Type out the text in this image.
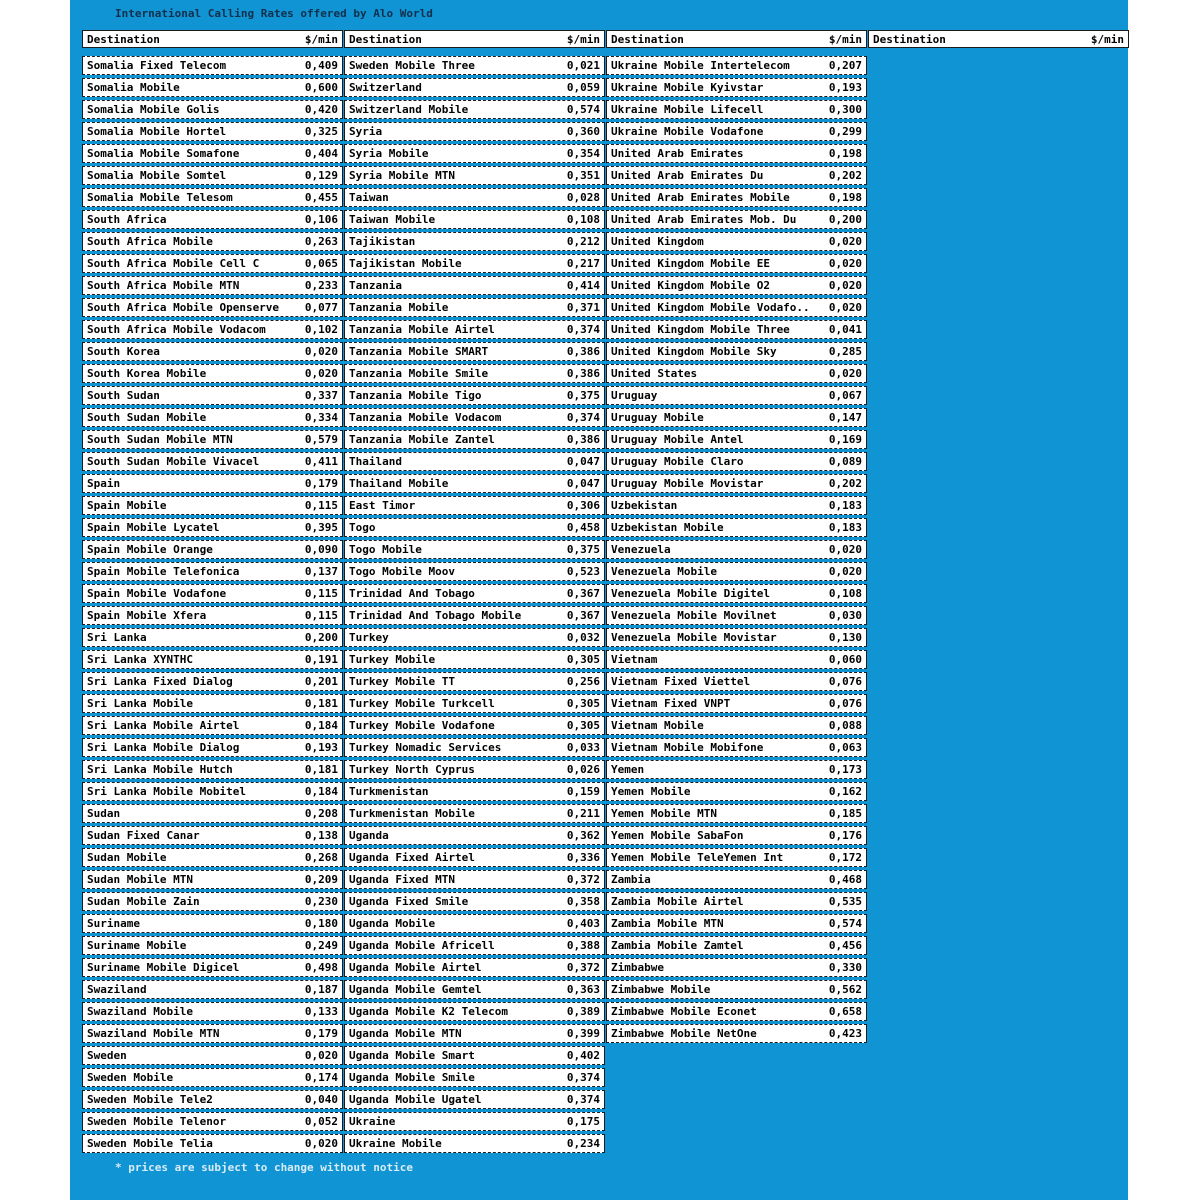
International Calling Rates offered by Alo World
Destination	$/min
Somalia Fixed Telecom	0,409
Somalia Mobile	0,600
Somalia Mobile Golis	0,420
Somalia Mobile Hortel	0,325
Somalia Mobile Somafone	0,404
Somalia Mobile Somtel	0,129
Somalia Mobile Telesom	0,455
South Africa	0,106
South Africa Mobile	0,263
South Africa Mobile Cell C	0,065
South Africa Mobile MTN	0,233
South Africa Mobile Openserve 0,077
South Africa Mobile Vodacom	0,102
South Korea	0,020
South Korea Mobile	0,020
South Sudan	0,337
South Sudan Mobile	0,334
South Sudan Mobile MTN	0,579
South Sudan Mobile Vivacel	0,411
Spain	0,179
Spain Mobile	0,115
Spain Mobile Lycatel	0,395
Spain Mobile Orange	0,090
Spain Mobile Telefonica	0,137
Spain Mobile Vodafone	0,115
Spain Mobile Xfera	0,115
Sri Lanka	0,200
Sri Lanka XYNTHC	0,191
Sri Lanka Fixed Dialog	0,201
Sri Lanka Mobile	0,181
Sri Lanka Mobile Airtel	0,184
Sri Lanka Mobile Dialog	0,193
Sri Lanka Mobile Hutch	0,181
Sri Lanka Mobile Mobitel	0,184
Sudan	0,208
Sudan Fixed Canar	0,138
Sudan Mobile	0,268
Sudan Mobile MTN	0,209
Sudan Mobile Zain	0,230
Suriname	0,180
Suriname Mobile	0,249
Suriname Mobile Digicel	0,498
Swaziland	0,187
Swaziland Mobile	0,133
Swaziland Mobile MTN	0,179
Sweden	0,020
Sweden Mobile	0,174
Sweden Mobile Tele2	0,040
Sweden Mobile Telenor	0,052
Sweden Mobile Telia	0,020
Destination	$/min
Sweden Mobile Three	0,021
Switzerland	0,059
Switzerland Mobile	0,574
Syria	0,360
Syria Mobile	0,354
Syria Mobile MTN	0,351
Taiwan	0,028
Taiwan Mobile	0,108
Tajikistan	0,212
Tajikistan Mobile	0,217
Tanzania	0,414
Tanzania Mobile	0,371
Tanzania Mobile Airtel	0,374
Tanzania Mobile SMART	0,386
Tanzania Mobile Smile	0,386
Tanzania Mobile Tigo	0,375
Tanzania Mobile Vodacom	0,374
Tanzania Mobile Zantel	0,386
Thailand	0,047
Thailand Mobile	0,047
East Timor	0,306
Togo	0,458
Togo Mobile	0,375
Togo Mobile Moov	0,523
Trinidad And Tobago	0,367
Trinidad And Tobago Mobile	0,367
Turkey	0,032
Turkey Mobile	0,305
Turkey Mobile TT	0,256
Turkey Mobile Turkcell	0,305
Turkey Mobile Vodafone	0,305
Turkey Nomadic Services	0,033
Turkey North Cyprus	0,026
Turkmenistan	0,159
Turkmenistan Mobile	0,211
Uganda	0,362
Uganda Fixed Airtel	0,336
Uganda Fixed MTN	0,372
Uganda Fixed Smile	0,358
Uganda Mobile	0,403
Uganda Mobile Africell	0,388
Uganda Mobile Airtel	0,372
Uganda Mobile Gemtel	0,363
Uganda Mobile K2 Telecom	0,389
Uganda Mobile MTN	0,399
Uganda Mobile Smart	0,402
Uganda Mobile Smile	0,374
Uganda Mobile Ugatel	0,374
Ukraine	0,175
Ukraine Mobile	0,234
Destination	$/min
Ukraine Mobile Intertelecom	0,207
Ukraine Mobile Kyivstar	0,193
Ukraine Mobile Lifecell	0,300
Ukraine Mobile Vodafone	0,299
United Arab Emirates	0,198
United Arab Emirates Du	0,202
United Arab Emirates Mobile	0,198
United Arab Emirates Mob. Du	0,200
United Kingdom	0,020
United Kingdom Mobile EE	0,020
United Kingdom Mobile O2	0,020
United Kingdom Mobile Vodafo.. 0,020
United Kingdom Mobile Three	0,041
United Kingdom Mobile Sky	0,285
United States	0,020
Uruguay	0,067
Uruguay Mobile	0,147
Uruguay Mobile Antel	0,169
Uruguay Mobile Claro	0,089
Uruguay Mobile Movistar	0,202
Uzbekistan	0,183
Uzbekistan Mobile	0,183
Venezuela	0,020
Venezuela Mobile	0,020
Venezuela Mobile Digitel	0,108
Venezuela Mobile Movilnet	0,030
Venezuela Mobile Movistar	0,130
Vietnam	0,060
Vietnam Fixed Viettel	0,076
Vietnam Fixed VNPT	0,076
Vietnam Mobile	0,088
Vietnam Mobile Mobifone	0,063
Yemen	0,173
Yemen Mobile	0,162
Yemen Mobile MTN	0,185
Yemen Mobile SabaFon	0,176
Yemen Mobile TeleYemen Int	0,172
Zambia	0,468
Zambia Mobile Airtel	0,535
Zambia Mobile MTN	0,574
Zambia Mobile Zamtel	0,456
Zimbabwe	0,330
Zimbabwe Mobile	0,562
Zimbabwe Mobile Econet	0,658
Zimbabwe Mobile NetOne	0,423
Destination	$/min
* prices are subject to change without notice
